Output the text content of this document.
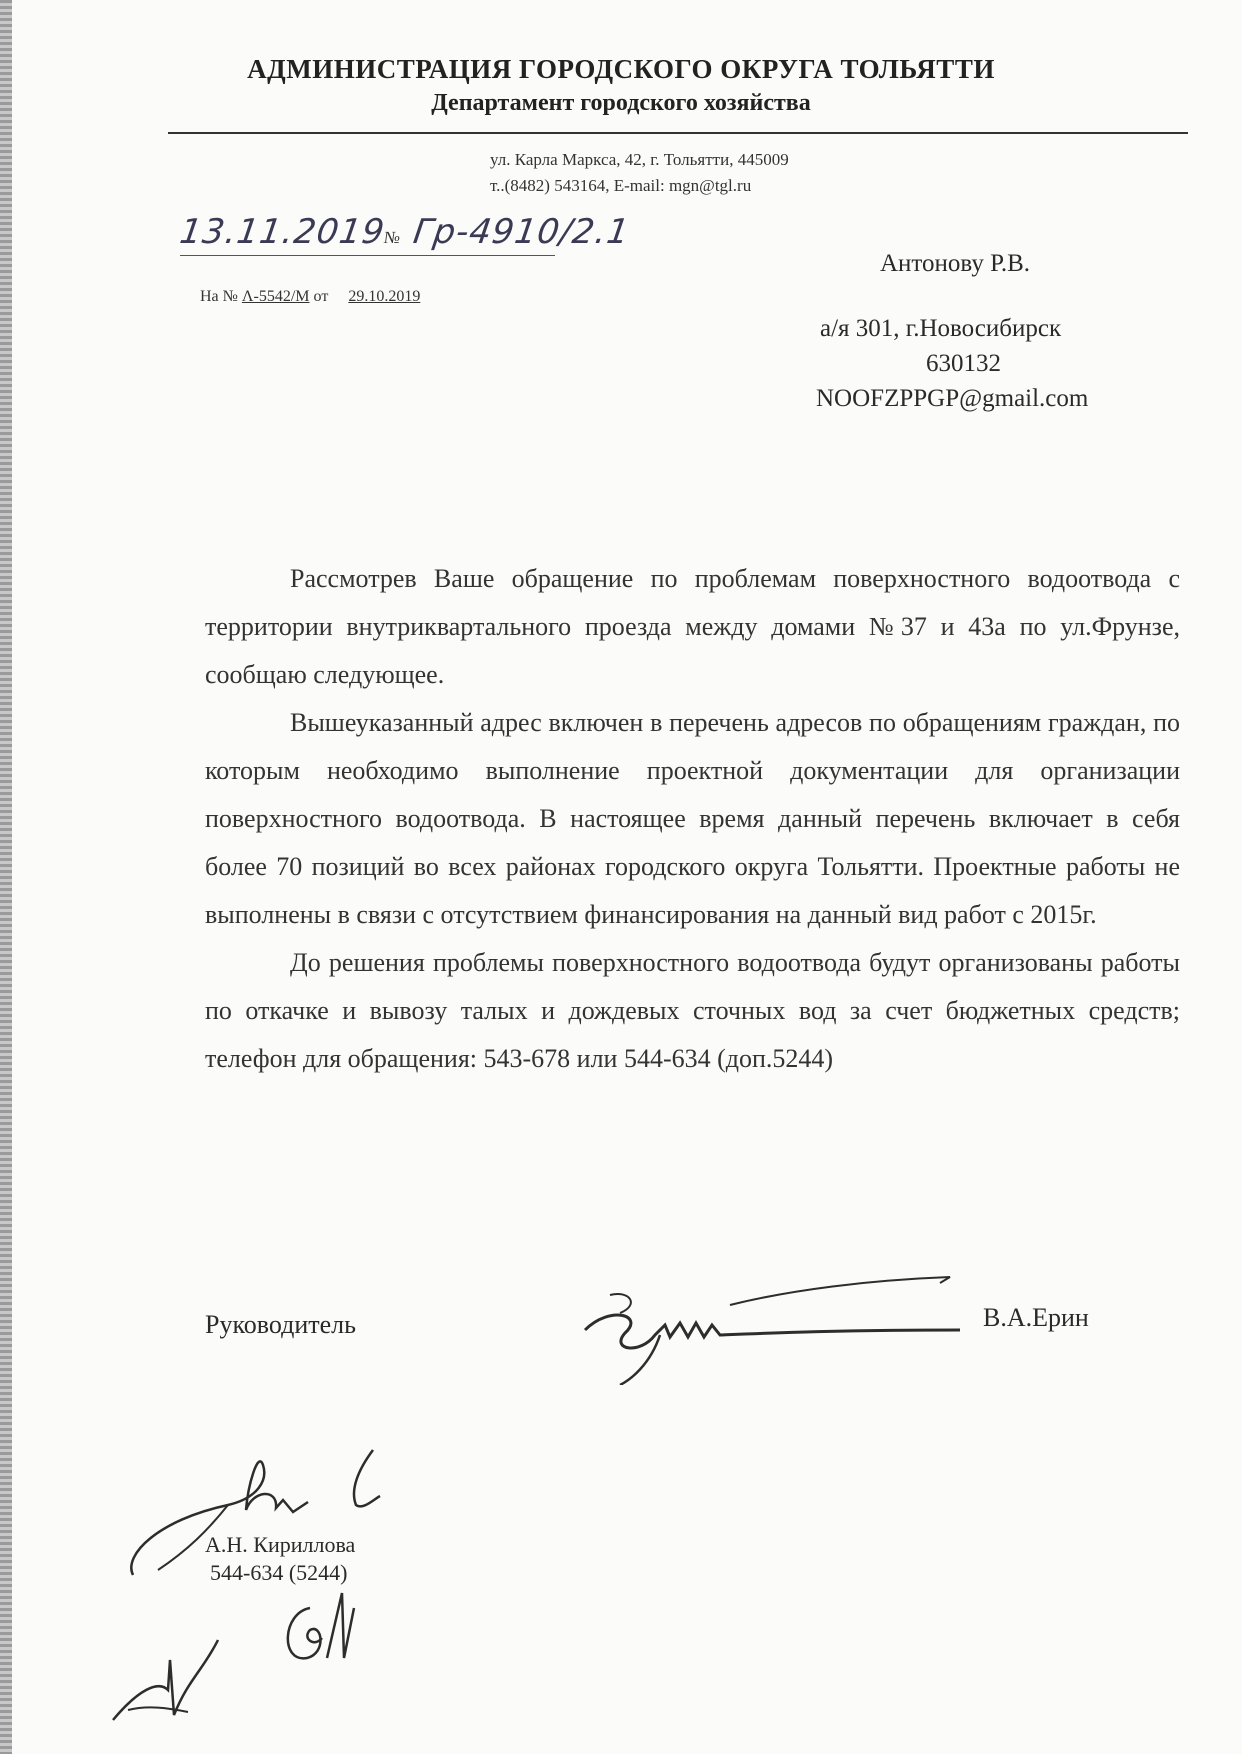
АДМИНИСТРАЦИЯ ГОРОДСКОГО ОКРУГА ТОЛЬЯТТИ
Департамент городского хозяйства
ул. Карла Маркса, 42, г. Тольятти, 445009
т..(8482) 543164, E-mail: mgn@tgl.ru
13.11.2019№ Гр-4910/2.1
На № Λ-5542/М от 29.10.2019
Антонову Р.В.
а/я 301, г.Новосибирск
630132
NOOFZPPGP@gmail.com

Рассмотрев Ваше обращение по проблемам поверхностного водоотвода с территории внутриквартального проезда между домами №37 и 43а по ул.Фрунзе, сообщаю следующее.

Вышеуказанный адрес включен в перечень адресов по обращениям граждан, по которым необходимо выполнение проектной документации для организации поверхностного водоотвода. В настоящее время данный перечень включает в себя более 70 позиций во всех районах городского округа Тольятти. Проектные работы не выполнены в связи с отсутствием финансирования на данный вид работ с 2015г.

До решения проблемы поверхностного водоотвода будут организованы работы по откачке и вывозу талых и дождевых сточных вод за счет бюджетных средств; телефон для обращения: 543-678 или 544-634 (доп.5244)

Руководитель	В.А.Ерин
А.Н. Кириллова
544-634 (5244)
